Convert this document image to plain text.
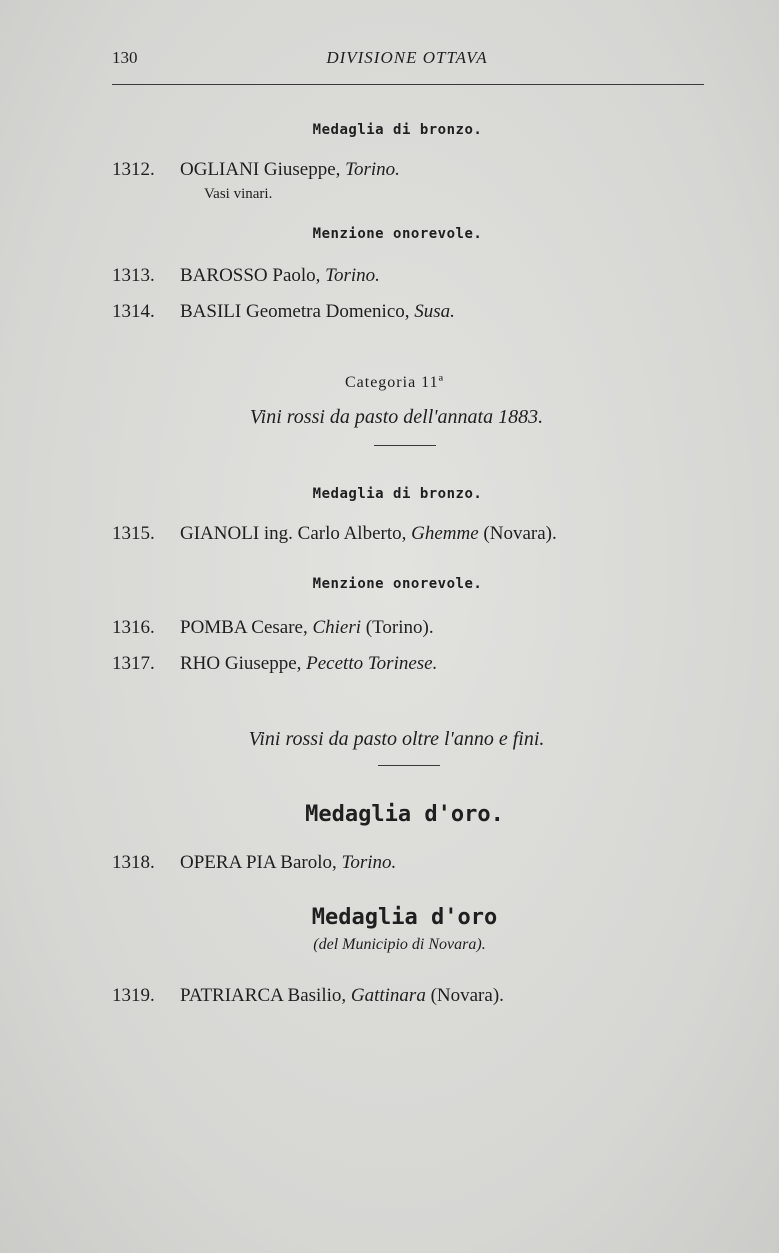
130	DIVISIONE OTTAVA
Medaglia di bronzo.
1312. OGLIANI Giuseppe, Torino.
Vasi vinari.
Menzione onorevole.
1313. BAROSSO Paolo, Torino.
1314. BASILI Geometra Domenico, Susa.
Categoria 11ª
Vini rossi da pasto dell'annata 1883.
Medaglia di bronzo.
1315. GIANOLI ing. Carlo Alberto, Ghemme (Novara).
Menzione onorevole.
1316. POMBA Cesare, Chieri (Torino).
1317. RHO Giuseppe, Pecetto Torinese.
Vini rossi da pasto oltre l'anno e fini.
Medaglia d'oro.
1318. OPERA PIA Barolo, Torino.
Medaglia d'oro
(del Municipio di Novara).
1319. PATRIARCA Basilio, Gattinara (Novara).
